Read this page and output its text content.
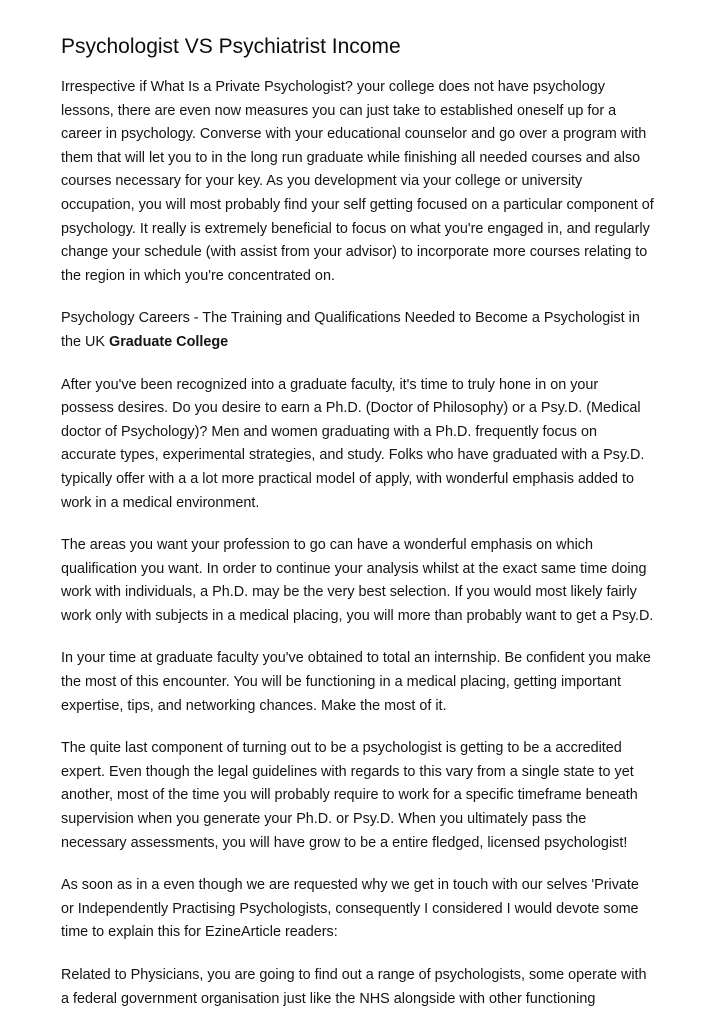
Psychologist VS Psychiatrist Income
Irrespective if What Is a Private Psychologist? your college does not have psychology
lessons, there are even now measures you can just take to established oneself up for a
career in psychology. Converse with your educational counselor and go over a program with
them that will let you to in the long run graduate while finishing all needed courses and also
courses necessary for your key. As you development via your college or university
occupation, you will most probably find your self getting focused on a particular component of
psychology. It really is extremely beneficial to focus on what you're engaged in, and regularly
change your schedule (with assist from your advisor) to incorporate more courses relating to
the region in which you're concentrated on.
Psychology Careers - The Training and Qualifications Needed to Become a Psychologist in
the UK Graduate College
After you've been recognized into a graduate faculty, it's time to truly hone in on your
possess desires. Do you desire to earn a Ph.D. (Doctor of Philosophy) or a Psy.D. (Medical
doctor of Psychology)? Men and women graduating with a Ph.D. frequently focus on
accurate types, experimental strategies, and study. Folks who have graduated with a Psy.D.
typically offer with a a lot more practical model of apply, with wonderful emphasis added to
work in a medical environment.
The areas you want your profession to go can have a wonderful emphasis on which
qualification you want. In order to continue your analysis whilst at the exact same time doing
work with individuals, a Ph.D. may be the very best selection. If you would most likely fairly
work only with subjects in a medical placing, you will more than probably want to get a Psy.D.
In your time at graduate faculty you've obtained to total an internship. Be confident you make
the most of this encounter. You will be functioning in a medical placing, getting important
expertise, tips, and networking chances. Make the most of it.
The quite last component of turning out to be a psychologist is getting to be a accredited
expert. Even though the legal guidelines with regards to this vary from a single state to yet
another, most of the time you will probably require to work for a specific timeframe beneath
supervision when you generate your Ph.D. or Psy.D. When you ultimately pass the
necessary assessments, you will have grow to be a entire fledged, licensed psychologist!
As soon as in a even though we are requested why we get in touch with our selves 'Private
or Independently Practising Psychologists, consequently I considered I would devote some
time to explain this for EzineArticle readers:
Related to Physicians, you are going to find out a range of psychologists, some operate with
a federal government organisation just like the NHS alongside with other functioning
